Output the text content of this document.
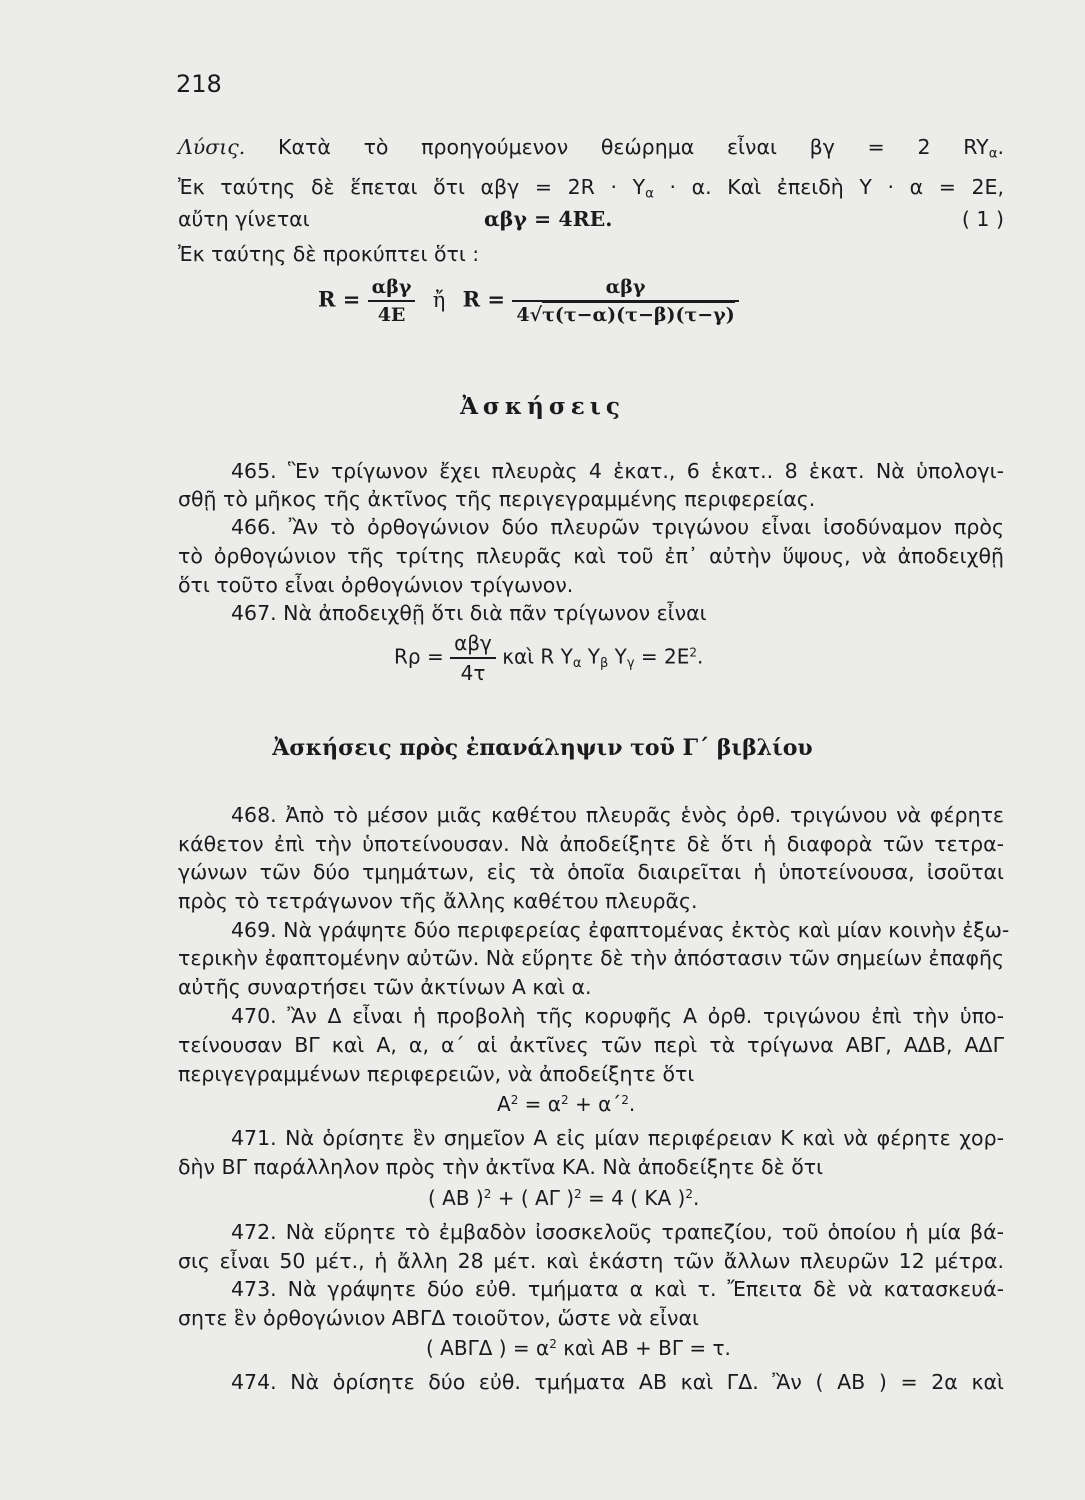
218
Λύσις. Κατὰ τὸ προηγούμενον θεώρημα εἶναι βγ = 2 $RY_\alpha$.
Ἐκ ταύτης δὲ ἕπεται ὅτι $\alpha\beta\gamma = 2R \cdot Y_\alpha \cdot \alpha$. Καὶ ἐπειδὴ Y · α = 2E,
αὔτη γίνεται	αβγ = 4RE.	( 1 )
Ἐκ ταύτης δὲ προκύπτει ὅτι :
$R = \frac{\text{αβγ}}{4E}$ ἤ $R = \frac{\text{αβγ}}{4√\tau(\tau-\alpha)(\tau-\beta)(\tau-\gamma)}$
Ἀσκήσεις
465. Ἓν τρίγωνον ἔχει πλευρὰς 4 ἑκατ., 6 ἑκατ.. 8 ἑκατ. Νὰ ὑπολογι-
σθῇ τὸ μῆκος τῆς ἀκτῖνος τῆς περιγεγραμμένης περιφερείας.
466. Ἂν τὸ ὀρθογώνιον δύο πλευρῶν τριγώνου εἶναι ἰσοδύναμον πρὸς
τὸ ὀρθογώνιον τῆς τρίτης πλευρᾶς καὶ τοῦ ἐπ᾽ αὐτὴν ὕψους, νὰ ἀποδειχθῇ
ὅτι τοῦτο εἶναι ὀρθογώνιον τρίγωνον.
467. Νὰ ἀποδειχθῇ ὅτι διὰ πᾶν τρίγωνον εἶναι
$R\rho = \frac{\text{αβγ}}{4\tau}$ καὶ R $Y_\alpha$ $Y_\beta$ $Y_\gamma = 2E^2$.
Ἀσκήσεις πρὸς ἐπανάληψιν τοῦ Γ΄ βιβλίου
468. Ἀπὸ τὸ μέσον μιᾶς καθέτου πλευρᾶς ἑνὸς ὀρθ. τριγώνου νὰ φέρητε
κάθετον ἐπὶ τὴν ὑποτείνουσαν. Νὰ ἀποδείξητε δὲ ὅτι ἡ διαφορὰ τῶν τετρα-
γώνων τῶν δύο τμημάτων, εἰς τὰ ὁποῖα διαιρεῖται ἡ ὑποτείνουσα, ἰσοῦται
πρὸς τὸ τετράγωνον τῆς ἄλλης καθέτου πλευρᾶς.
469. Νὰ γράψητε δύο περιφερείας ἐφαπτομένας ἐκτὸς καὶ μίαν κοινὴν ἐξω-
τερικὴν ἐφαπτομένην αὐτῶν. Νὰ εὕρητε δὲ τὴν ἀπόστασιν τῶν σημείων ἐπαφῆς
αὐτῆς συναρτήσει τῶν ἀκτίνων Α καὶ α.
470. Ἂν Δ εἶναι ἡ προβολὴ τῆς κορυφῆς Α ὀρθ. τριγώνου ἐπὶ τὴν ὑπο-
τείνουσαν ΒΓ καὶ Α, α, α΄ αἱ ἀκτῖνες τῶν περὶ τὰ τρίγωνα ΑΒΓ, ΑΔΒ, ΑΔΓ
περιγεγραμμένων περιφερειῶν, νὰ ἀποδείξητε ὅτι
$A^2 = \alpha^2 + \alpha΄^2$.
471. Νὰ ὁρίσητε ἓν σημεῖον Α εἰς μίαν περιφέρειαν Κ καὶ νὰ φέρητε χορ-
δὴν ΒΓ παράλληλον πρὸς τὴν ἀκτῖνα ΚΑ. Νὰ ἀποδείξητε δὲ ὅτι
( ΑΒ )$^2$ + ( ΑΓ )$^2$ = 4 ( ΚΑ )$^2$.
472. Νὰ εὕρητε τὸ ἐμβαδὸν ἰσοσκελοῦς τραπεζίου, τοῦ ὁποίου ἡ μία βά-
σις εἶναι 50 μέτ., ἡ ἄλλη 28 μέτ. καὶ ἑκάστη τῶν ἄλλων πλευρῶν 12 μέτρα.
473. Νὰ γράψητε δύο εὐθ. τμήματα α καὶ τ. Ἔπειτα δὲ νὰ κατασκευά-
σητε ἓν ὀρθογώνιον ΑΒΓΔ τοιοῦτον, ὥστε νὰ εἶναι
( ΑΒΓΔ ) = $\alpha^2$ καὶ ΑΒ + ΒΓ = τ.
474. Νὰ ὁρίσητε δύο εὐθ. τμήματα ΑΒ καὶ ΓΔ. Ἂν ( ΑΒ ) = 2α καὶ
